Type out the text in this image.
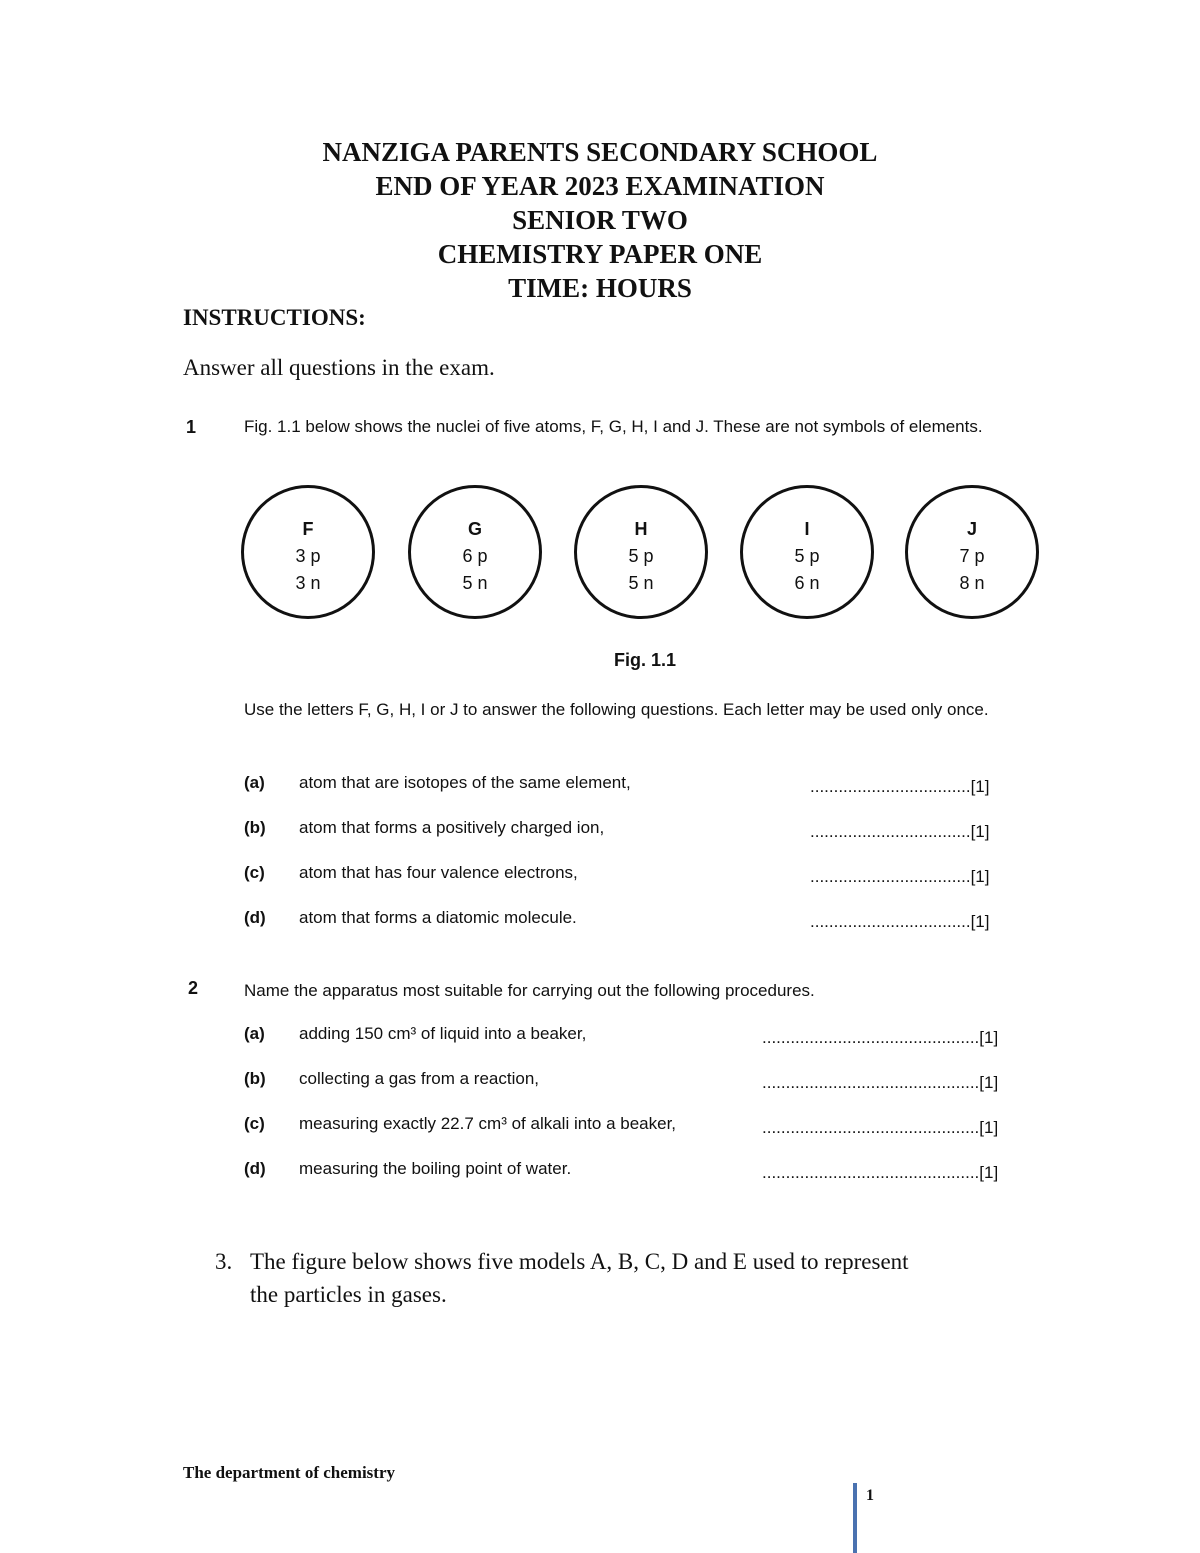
NANZIGA PARENTS SECONDARY SCHOOL
END OF YEAR 2023 EXAMINATION
SENIOR TWO
CHEMISTRY PAPER ONE
TIME: HOURS
INSTRUCTIONS:
Answer all questions in the exam.
1	Fig. 1.1 below shows the nuclei of five atoms, F, G, H, I and J. These are not symbols of elements.
F
3 p
3 n
G
6 p
5 n
H
5 p
5 n
I
5 p
6 n
J
7 p
8 n
Fig. 1.1
Use the letters F, G, H, I or J to answer the following questions. Each letter may be used only once.
(a) atom that are isotopes of the same element,	..................................[1]
(b) atom that forms a positively charged ion,	..................................[1]
(c) atom that has four valence electrons,	..................................[1]
(d) atom that forms a diatomic molecule.	..................................[1]
2	Name the apparatus most suitable for carrying out the following procedures.
(a) adding 150 cm³ of liquid into a beaker,	..............................................[1]
(b) collecting a gas from a reaction,	..............................................[1]
(c) measuring exactly 22.7 cm³ of alkali into a beaker,	..............................................[1]
(d) measuring the boiling point of water.	..............................................[1]
3. The figure below shows five models A, B, C, D and E used to represent
the particles in gases.
The department of chemistry
1
